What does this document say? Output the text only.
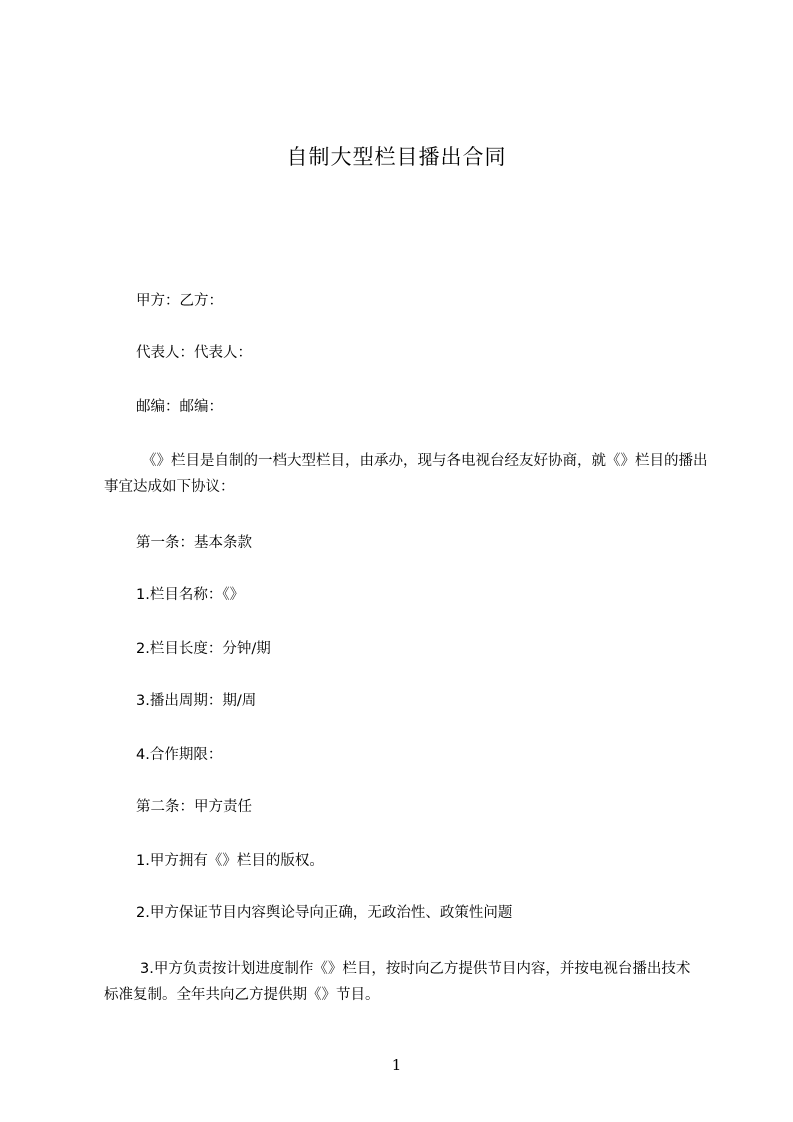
自制大型栏目播出合同

甲方：乙方：

代表人：代表人：

邮编：邮编：

《》栏目是自制的一档大型栏目，由承办，现与各电视台经友好协商，就《》栏目的播出事宜达成如下协议：

第一条：基本条款

1.栏目名称：《》

2.栏目长度：分钟/期

3.播出周期：期/周

4.合作期限：

第二条：甲方责任

1.甲方拥有《》栏目的版权。

2.甲方保证节目内容舆论导向正确，无政治性、政策性问题

3.甲方负责按计划进度制作《》栏目，按时向乙方提供节目内容，并按电视台播出技术标准复制。全年共向乙方提供期《》节目。

1
